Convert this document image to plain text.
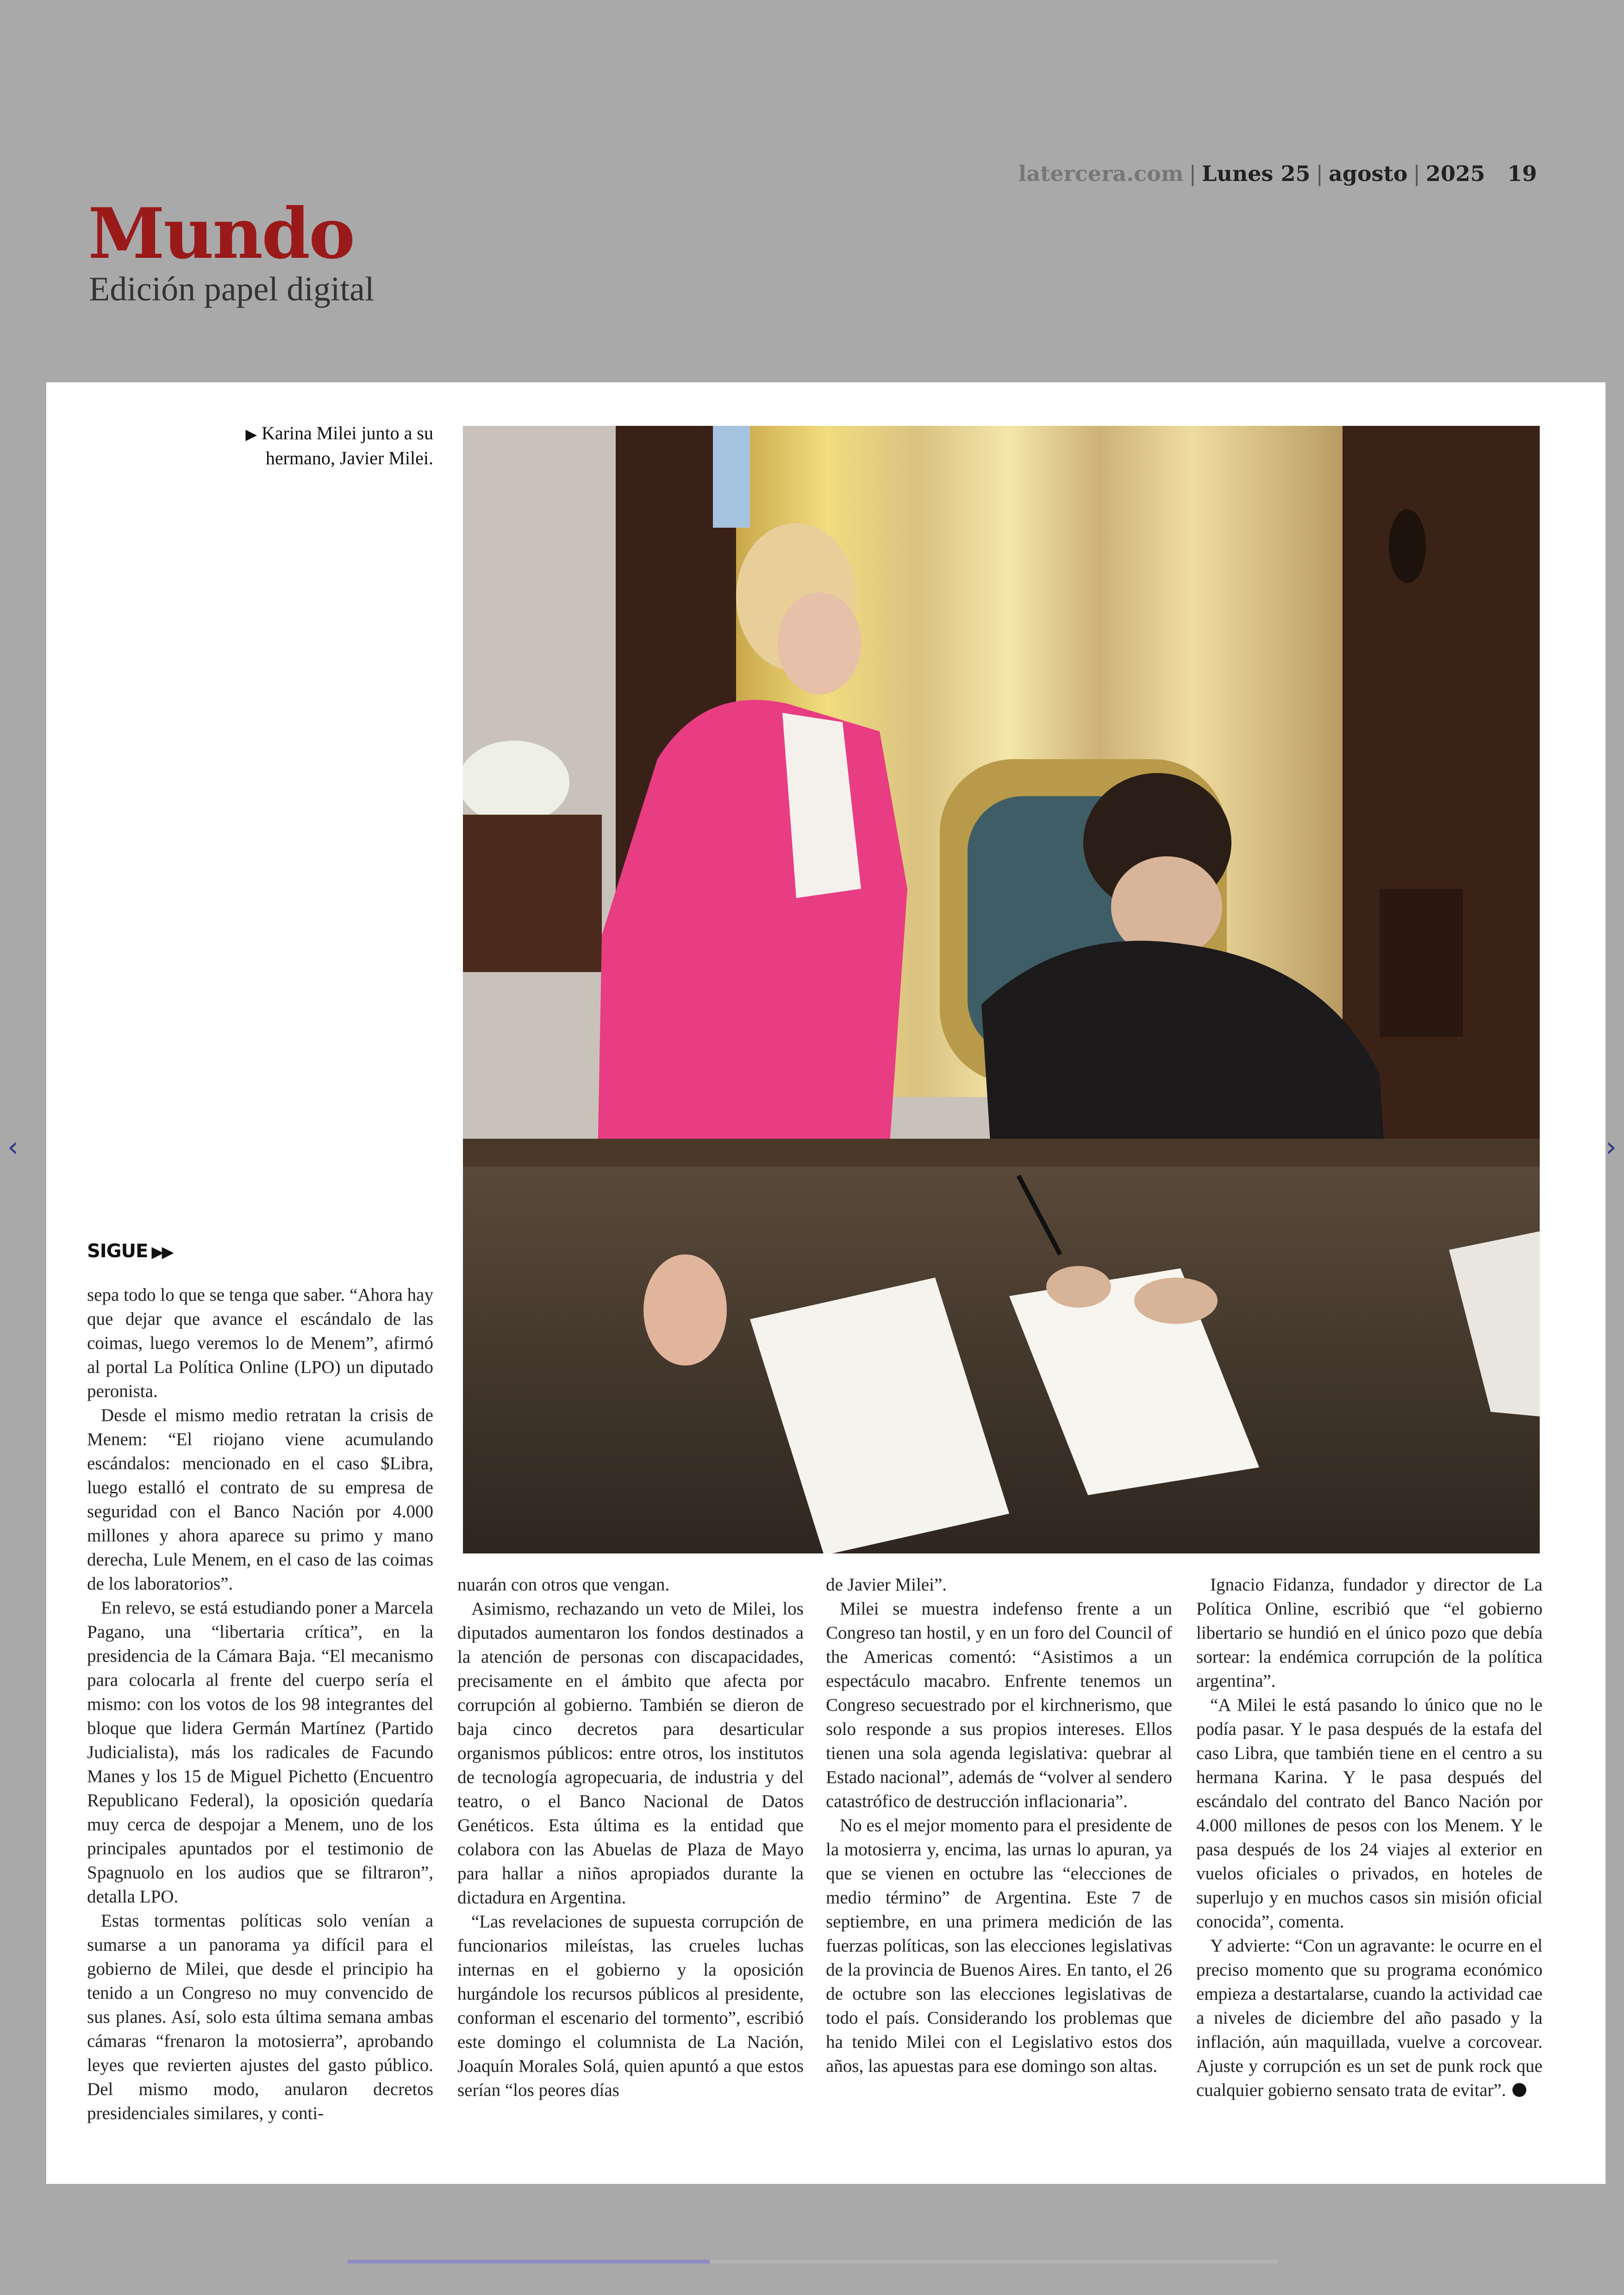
latercera.com | Lunes 25 | agosto | 2025 19
Mundo
Edición papel digital
‹	›
▶ Karina Milei junto a su hermano, Javier Milei.
SIGUE ▶▶

sepa todo lo que se tenga que saber. “Ahora hay que dejar que avance el escándalo de las coimas, luego veremos lo de Menem”, afirmó al portal La Política Online (LPO) un diputado peronista.

Desde el mismo medio retratan la crisis de Menem: “El riojano viene acumulando escándalos: mencionado en el caso $Libra, luego estalló el contrato de su empresa de seguridad con el Banco Nación por 4.000 millones y ahora aparece su primo y mano derecha, Lule Menem, en el caso de las coimas de los laboratorios”.

En relevo, se está estudiando poner a Marcela Pagano, una “libertaria crítica”, en la presidencia de la Cámara Baja. “El mecanismo para colocarla al frente del cuerpo sería el mismo: con los votos de los 98 integrantes del bloque que lidera Germán Martínez (Partido Judicialista), más los radicales de Facundo Manes y los 15 de Miguel Pichetto (Encuentro Republicano Federal), la oposición quedaría muy cerca de despojar a Menem, uno de los principales apuntados por el testimonio de Spagnuolo en los audios que se filtraron”, detalla LPO.

Estas tormentas políticas solo venían a sumarse a un panorama ya difícil para el gobierno de Milei, que desde el principio ha tenido a un Congreso no muy convencido de sus planes. Así, solo esta última semana ambas cámaras “frenaron la motosierra”, aprobando leyes que revierten ajustes del gasto público. Del mismo modo, anularon decretos presidenciales similares, y conti-

nuarán con otros que vengan.

Asimismo, rechazando un veto de Milei, los diputados aumentaron los fondos destinados a la atención de personas con discapacidades, precisamente en el ámbito que afecta por corrupción al gobierno. También se dieron de baja cinco decretos para desarticular organismos públicos: entre otros, los institutos de tecnología agropecuaria, de industria y del teatro, o el Banco Nacional de Datos Genéticos. Esta última es la entidad que colabora con las Abuelas de Plaza de Mayo para hallar a niños apropiados durante la dictadura en Argentina.

“Las revelaciones de supuesta corrupción de funcionarios mileístas, las crueles luchas internas en el gobierno y la oposición hurgándole los recursos públicos al presidente, conforman el escenario del tormento”, escribió este domingo el columnista de La Nación, Joaquín Morales Solá, quien apuntó a que estos serían “los peores días

de Javier Milei”.

Milei se muestra indefenso frente a un Congreso tan hostil, y en un foro del Council of the Americas comentó: “Asistimos a un espectáculo macabro. Enfrente tenemos un Congreso secuestrado por el kirchnerismo, que solo responde a sus propios intereses. Ellos tienen una sola agenda legislativa: quebrar al Estado nacional”, además de “volver al sendero catastrófico de destrucción inflacionaria”.

No es el mejor momento para el presidente de la motosierra y, encima, las urnas lo apuran, ya que se vienen en octubre las “elecciones de medio término” de Argentina. Este 7 de septiembre, en una primera medición de las fuerzas políticas, son las elecciones legislativas de la provincia de Buenos Aires. En tanto, el 26 de octubre son las elecciones legislativas de todo el país. Considerando los problemas que ha tenido Milei con el Legislativo estos dos años, las apuestas para ese domingo son altas.

Ignacio Fidanza, fundador y director de La Política Online, escribió que “el gobierno libertario se hundió en el único pozo que debía sortear: la endémica corrupción de la política argentina”.

“A Milei le está pasando lo único que no le podía pasar. Y le pasa después de la estafa del caso Libra, que también tiene en el centro a su hermana Karina. Y le pasa después del escándalo del contrato del Banco Nación por 4.000 millones de pesos con los Menem. Y le pasa después de los 24 viajes al exterior en vuelos oficiales o privados, en hoteles de superlujo y en muchos casos sin misión oficial conocida”, comenta.

Y advierte: “Con un agravante: le ocurre en el preciso momento que su programa económico empieza a destartalarse, cuando la actividad cae a niveles de diciembre del año pasado y la inflación, aún maquillada, vuelve a corcovear. Ajuste y corrupción es un set de punk rock que cualquier gobierno sensato trata de evitar”.
